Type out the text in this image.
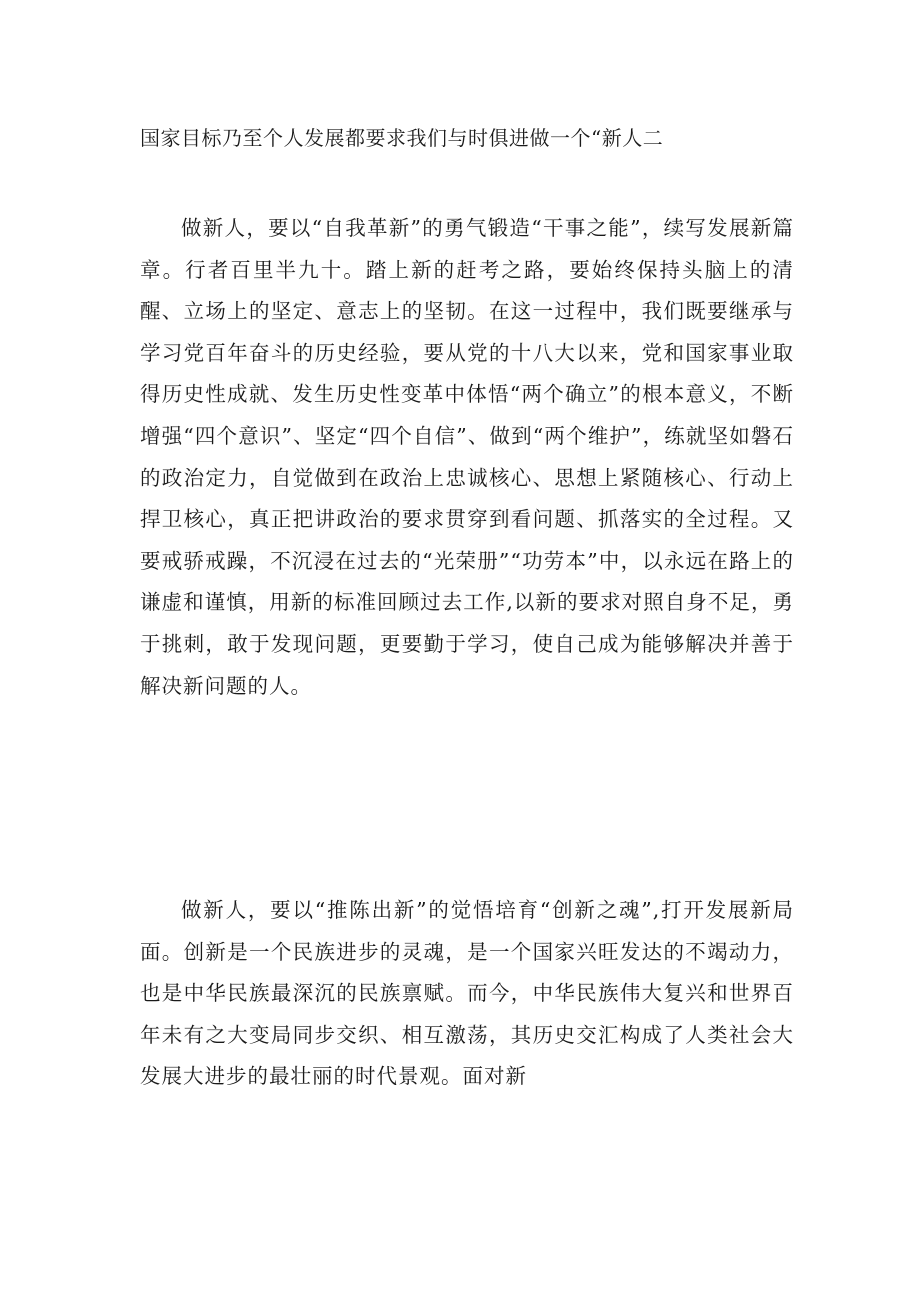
国家目标乃至个人发展都要求我们与时俱进做一个“新人二

做新人，要以“自我革新”的勇气锻造“干事之能”，续写发展新篇章。行者百里半九十。踏上新的赶考之路，要始终保持头脑上的清醒、立场上的坚定、意志上的坚韧。在这一过程中，我们既要继承与学习党百年奋斗的历史经验，要从党的十八大以来，党和国家事业取得历史性成就、发生历史性变革中体悟“两个确立”的根本意义，不断增强“四个意识”、坚定“四个自信”、做到“两个维护”，练就坚如磐石的政治定力，自觉做到在政治上忠诚核心、思想上紧随核心、行动上捍卫核心，真正把讲政治的要求贯穿到看问题、抓落实的全过程。又要戒骄戒躁，不沉浸在过去的“光荣册”“功劳本”中，以永远在路上的谦虚和谨慎，用新的标准回顾过去工作,以新的要求对照自身不足，勇于挑刺，敢于发现问题，更要勤于学习，使自己成为能够解决并善于解决新问题的人。

做新人，要以“推陈出新”的觉悟培育“创新之魂”,打开发展新局面。创新是一个民族进步的灵魂，是一个国家兴旺发达的不竭动力，也是中华民族最深沉的民族禀赋。而今，中华民族伟大复兴和世界百年未有之大变局同步交织、相互激荡，其历史交汇构成了人类社会大发展大进步的最壮丽的时代景观。面对新
